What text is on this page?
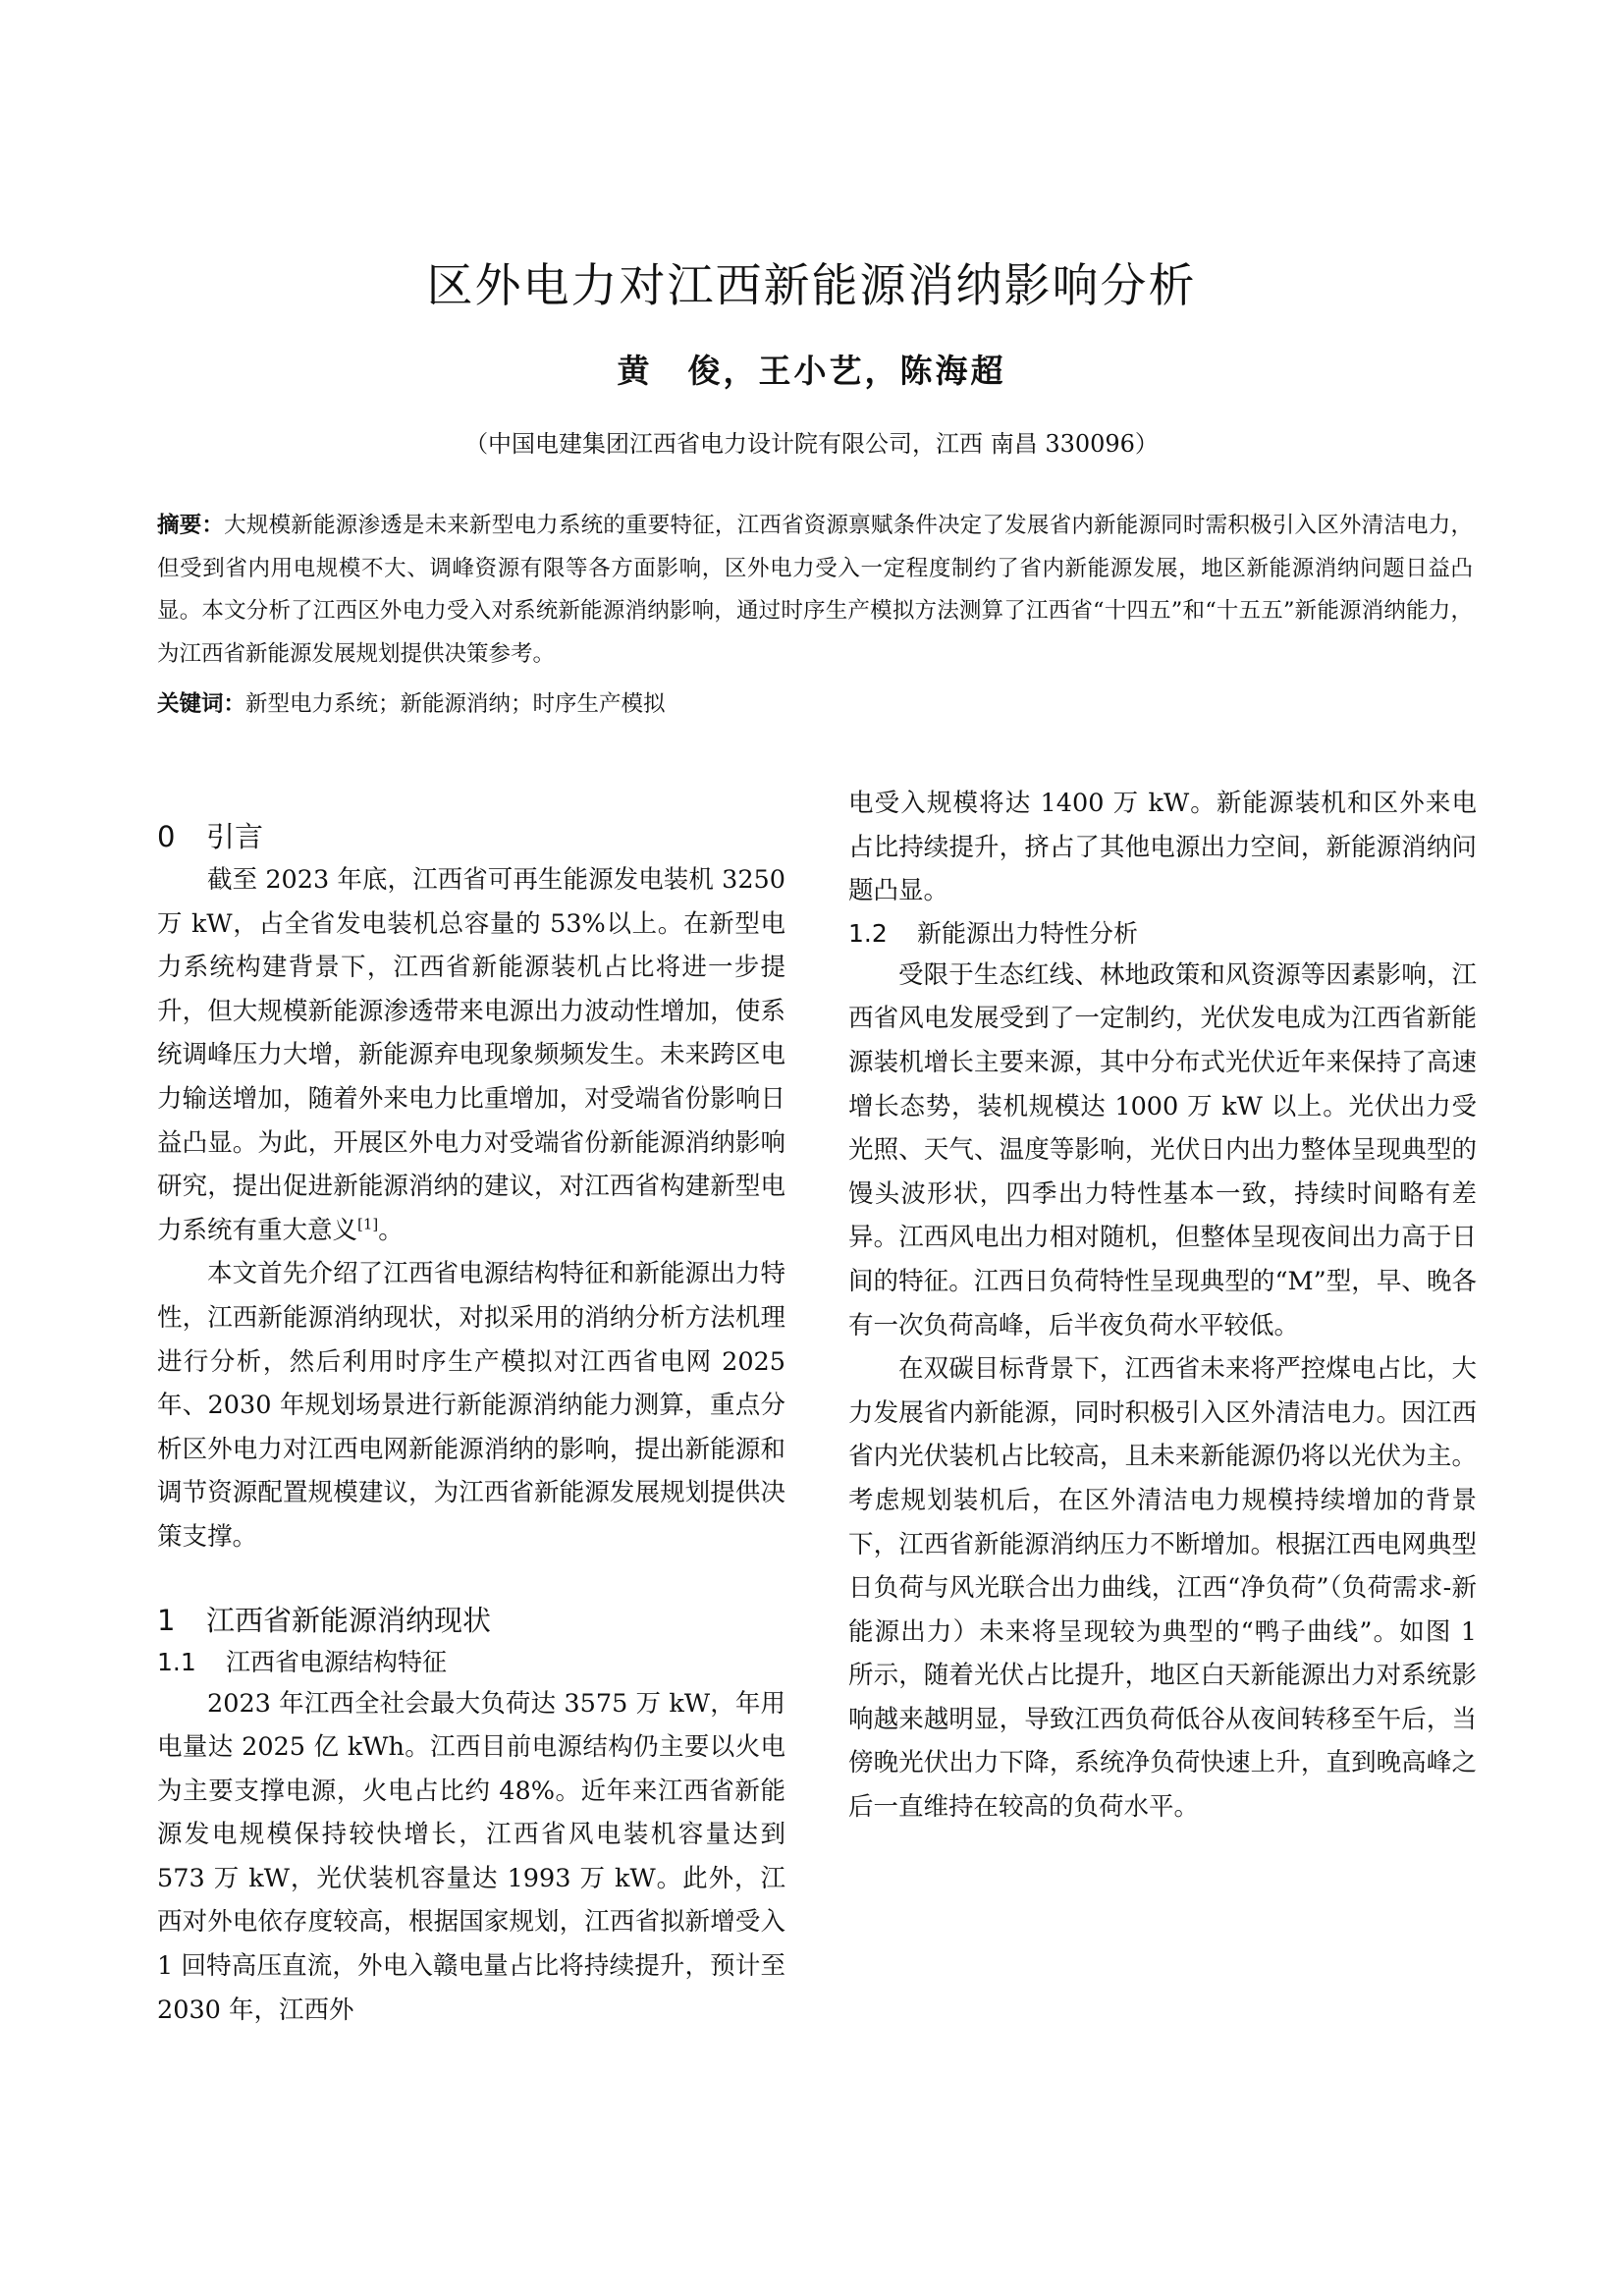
区外电力对江西新能源消纳影响分析
黄　俊，王小艺，陈海超
（中国电建集团江西省电力设计院有限公司，江西 南昌 330096）

摘要：大规模新能源渗透是未来新型电力系统的重要特征，江西省资源禀赋条件决定了发展省内新能源同时需积极引入区外清洁电力，但受到省内用电规模不大、调峰资源有限等各方面影响，区外电力受入一定程度制约了省内新能源发展，地区新能源消纳问题日益凸显。本文分析了江西区外电力受入对系统新能源消纳影响，通过时序生产模拟方法测算了江西省“十四五”和“十五五”新能源消纳能力，为江西省新能源发展规划提供决策参考。

关键词：新型电力系统；新能源消纳；时序生产模拟

0 引言

截至 2023 年底，江西省可再生能源发电装机 3250 万 kW，占全省发电装机总容量的 53%以上。在新型电力系统构建背景下，江西省新能源装机占比将进一步提升，但大规模新能源渗透带来电源出力波动性增加，使系统调峰压力大增，新能源弃电现象频频发生。未来跨区电力输送增加，随着外来电力比重增加，对受端省份影响日益凸显。为此，开展区外电力对受端省份新能源消纳影响研究，提出促进新能源消纳的建议，对江西省构建新型电力系统有重大意义[1]。

本文首先介绍了江西省电源结构特征和新能源出力特性，江西新能源消纳现状，对拟采用的消纳分析方法机理进行分析，然后利用时序生产模拟对江西省电网 2025 年、2030 年规划场景进行新能源消纳能力测算，重点分析区外电力对江西电网新能源消纳的影响，提出新能源和调节资源配置规模建议，为江西省新能源发展规划提供决策支撑。

1 江西省新能源消纳现状
1.1 江西省电源结构特征

2023 年江西全社会最大负荷达 3575 万 kW，年用电量达 2025 亿 kWh。江西目前电源结构仍主要以火电为主要支撑电源，火电占比约 48%。近年来江西省新能源发电规模保持较快增长，江西省风电装机容量达到 573 万 kW，光伏装机容量达 1993 万 kW。此外，江西对外电依存度较高，根据国家规划，江西省拟新增受入 1 回特高压直流，外电入赣电量占比将持续提升，预计至 2030 年，江西外

电受入规模将达 1400 万 kW。新能源装机和区外来电占比持续提升，挤占了其他电源出力空间，新能源消纳问题凸显。

1.2 新能源出力特性分析

受限于生态红线、林地政策和风资源等因素影响，江西省风电发展受到了一定制约，光伏发电成为江西省新能源装机增长主要来源，其中分布式光伏近年来保持了高速增长态势，装机规模达 1000 万 kW 以上。光伏出力受光照、天气、温度等影响，光伏日内出力整体呈现典型的馒头波形状，四季出力特性基本一致，持续时间略有差异。江西风电出力相对随机，但整体呈现夜间出力高于日间的特征。江西日负荷特性呈现典型的“M”型，早、晚各有一次负荷高峰，后半夜负荷水平较低。

在双碳目标背景下，江西省未来将严控煤电占比，大力发展省内新能源，同时积极引入区外清洁电力。因江西省内光伏装机占比较高，且未来新能源仍将以光伏为主。考虑规划装机后，在区外清洁电力规模持续增加的背景下，江西省新能源消纳压力不断增加。根据江西电网典型日负荷与风光联合出力曲线，江西“净负荷”（负荷需求-新能源出力）未来将呈现较为典型的“鸭子曲线”。如图 1 所示，随着光伏占比提升，地区白天新能源出力对系统影响越来越明显，导致江西负荷低谷从夜间转移至午后，当傍晚光伏出力下降，系统净负荷快速上升，直到晚高峰之后一直维持在较高的负荷水平。
